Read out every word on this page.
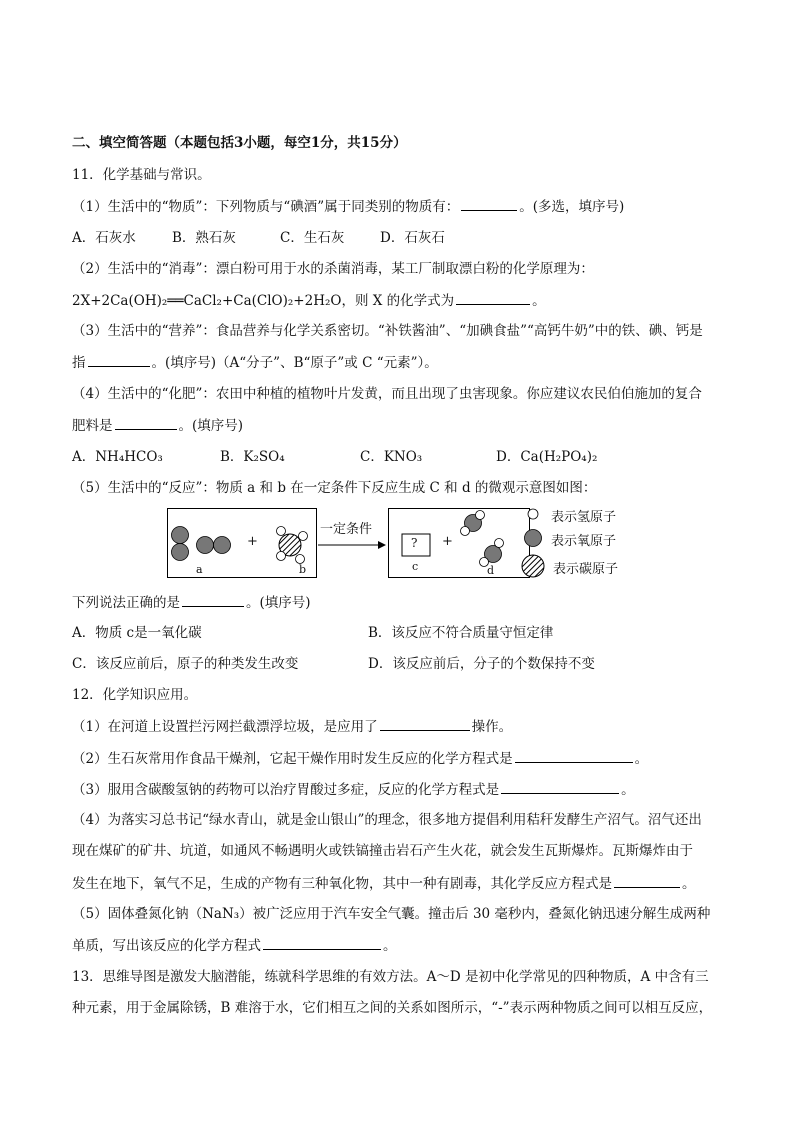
二、填空简答题（本题包括3小题，每空1分，共15分）
11．化学基础与常识。
（1）生活中的“物质”：下列物质与“碘酒”属于同类别的物质有：	。(多选，填序号)
A．石灰水	B．熟石灰	C．生石灰	D．石灰石
（2）生活中的“消毒”：漂白粉可用于水的杀菌消毒，某工厂制取漂白粉的化学原理为：
2X+2Ca(OH)₂══CaCl₂+Ca(ClO)₂+2H₂O，则 X 的化学式为	。
（3）生活中的“营养”：食品营养与化学关系密切。“补铁酱油”、“加碘食盐”“高钙牛奶”中的铁、碘、钙是
指	。(填序号)（A“分子”、B“原子”或 C “元素”）。
（4）生活中的“化肥”：农田中种植的植物叶片发黄，而且出现了虫害现象。你应建议农民伯伯施加的复合
肥料是	。(填序号)
A．NH₄HCO₃	B．K₂SO₄	C．KNO₃	D．Ca(H₂PO₄)₂
（5）生活中的“反应”：物质 a 和 b 在一定条件下反应生成 C 和 d 的微观示意图如图：
一定条件
+	+
?
a	b	c	d
表示氢原子
表示氧原子
表示碳原子
下列说法正确的是	。(填序号)
A．物质 c是一氧化碳	B．该反应不符合质量守恒定律
C．该反应前后，原子的种类发生改变	D．该反应前后，分子的个数保持不变
12．化学知识应用。
（1）在河道上设置拦污网拦截漂浮垃圾，是应用了	操作。
（2）生石灰常用作食品干燥剂，它起干燥作用时发生反应的化学方程式是	。
（3）服用含碳酸氢钠的药物可以治疗胃酸过多症，反应的化学方程式是	。
（4）为落实习总书记“绿水青山，就是金山银山”的理念，很多地方提倡利用秸秆发酵生产沼气。沼气还出
现在煤矿的矿井、坑道，如通风不畅遇明火或铁镐撞击岩石产生火花，就会发生瓦斯爆炸。瓦斯爆炸由于
发生在地下，氧气不足，生成的产物有三种氧化物，其中一种有剧毒，其化学反应方程式是	。
（5）固体叠氮化钠（NaN₃）被广泛应用于汽车安全气囊。撞击后 30 毫秒内，叠氮化钠迅速分解生成两种
单质，写出该反应的化学方程式	。
13．思维导图是激发大脑潜能，练就科学思维的有效方法。A～D 是初中化学常见的四种物质，A 中含有三
种元素，用于金属除锈，B 难溶于水，它们相互之间的关系如图所示，“-”表示两种物质之间可以相互反应，
